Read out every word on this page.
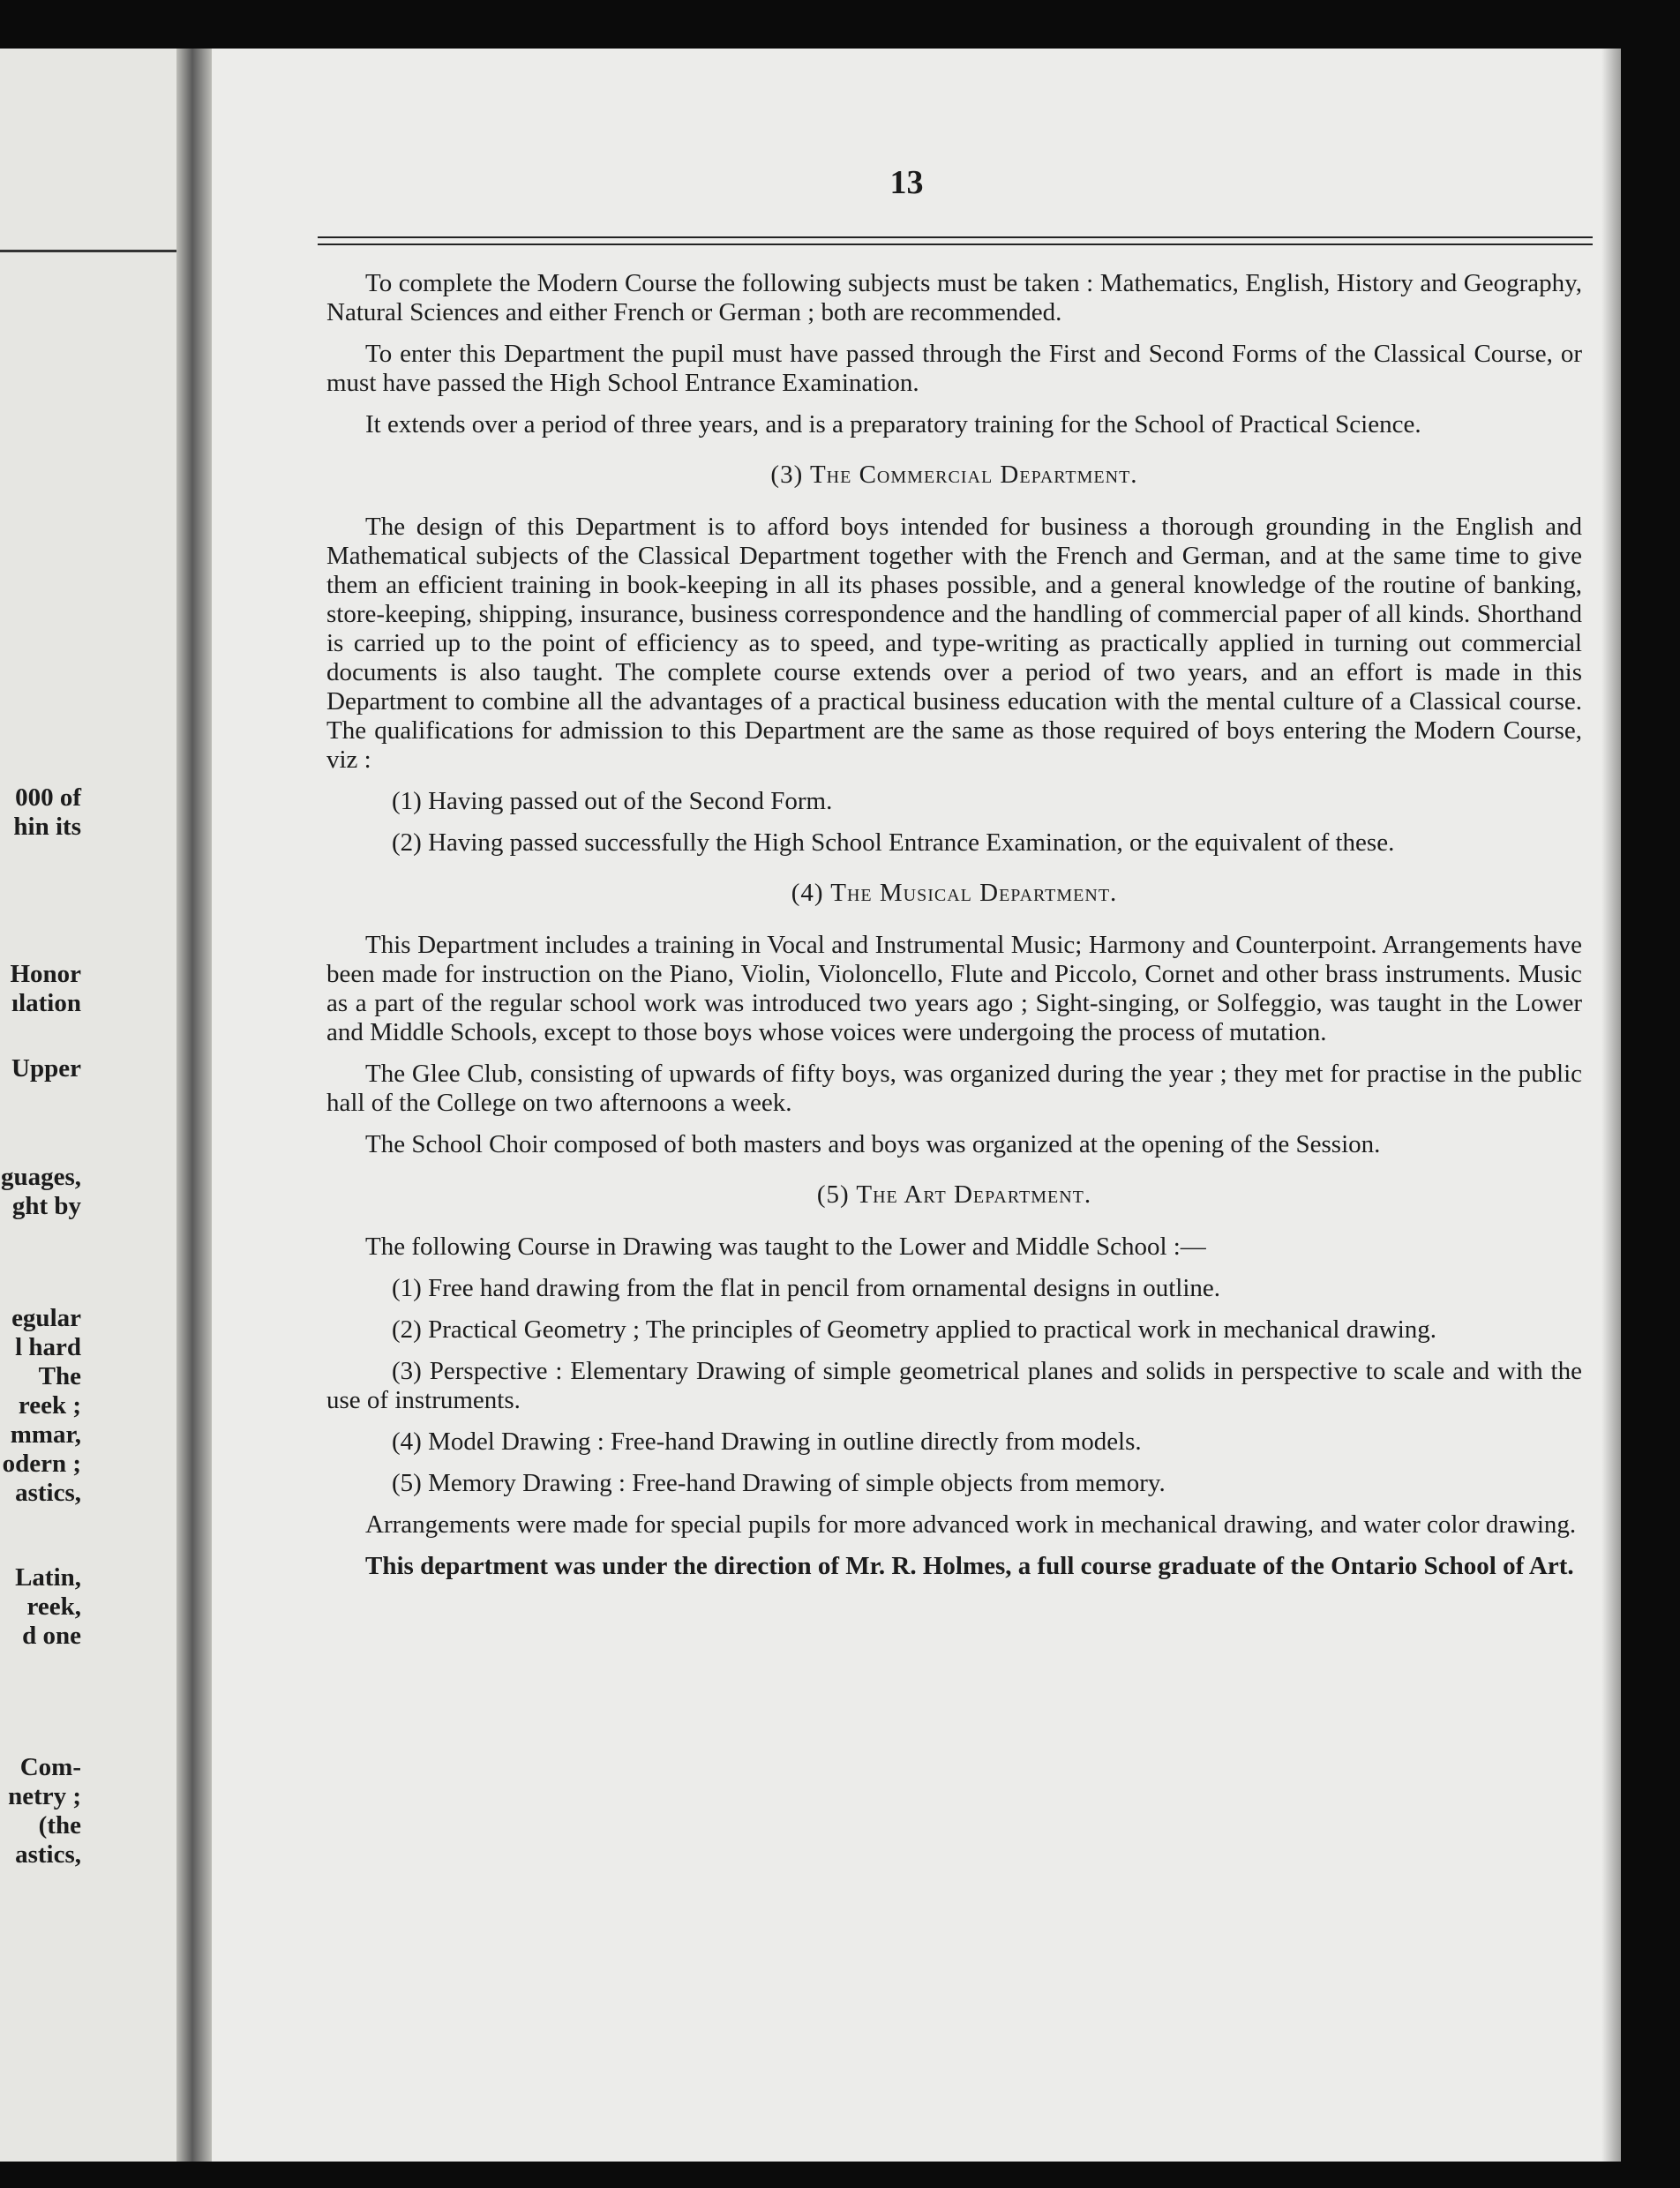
000 of
hin its
Honor
ılation
Upper
guages,
ght by
egular
l hard
The
reek ;
mmar,
odern ;
astics,
Latin,
reek,
d one
Com-
netry ;
(the
astics,
13

To complete the Modern Course the following subjects must be taken : Mathematics, English, History and Geography, Natural Sciences and either French or German ; both are recommended.

To enter this Department the pupil must have passed through the First and Second Forms of the Classical Course, or must have passed the High School Entrance Examination.

It extends over a period of three years, and is a preparatory training for the School of Practical Science.

(3) The Commercial Department.

The design of this Department is to afford boys intended for business a thorough grounding in the English and Mathematical subjects of the Classical Department together with the French and German, and at the same time to give them an efficient training in book-keeping in all its phases possible, and a general knowledge of the routine of banking, store-keeping, shipping, insurance, business correspondence and the handling of commercial paper of all kinds. Shorthand is carried up to the point of efficiency as to speed, and type-writing as practically applied in turning out commercial documents is also taught. The complete course extends over a period of two years, and an effort is made in this Department to combine all the advantages of a practical business education with the mental culture of a Classical course. The qualifications for admission to this Department are the same as those required of boys entering the Modern Course, viz :

(1) Having passed out of the Second Form.

(2) Having passed successfully the High School Entrance Examination, or the equivalent of these.

(4) The Musical Department.

This Department includes a training in Vocal and Instrumental Music; Harmony and Counterpoint. Arrangements have been made for instruction on the Piano, Violin, Violoncello, Flute and Piccolo, Cornet and other brass instruments. Music as a part of the regular school work was introduced two years ago ; Sight-singing, or Solfeggio, was taught in the Lower and Middle Schools, except to those boys whose voices were undergoing the process of mutation.

The Glee Club, consisting of upwards of fifty boys, was organized during the year ; they met for practise in the public hall of the College on two afternoons a week.

The School Choir composed of both masters and boys was organized at the opening of the Session.

(5) The Art Department.

The following Course in Drawing was taught to the Lower and Middle School :—

(1) Free hand drawing from the flat in pencil from ornamental designs in outline.

(2) Practical Geometry ; The principles of Geometry applied to practical work in mechanical drawing.

(3) Perspective : Elementary Drawing of simple geometrical planes and solids in perspective to scale and with the use of instruments.

(4) Model Drawing : Free-hand Drawing in outline directly from models.

(5) Memory Drawing : Free-hand Drawing of simple objects from memory.

Arrangements were made for special pupils for more advanced work in mechanical drawing, and water color drawing.

This department was under the direction of Mr. R. Holmes, a full course graduate of the Ontario School of Art.
